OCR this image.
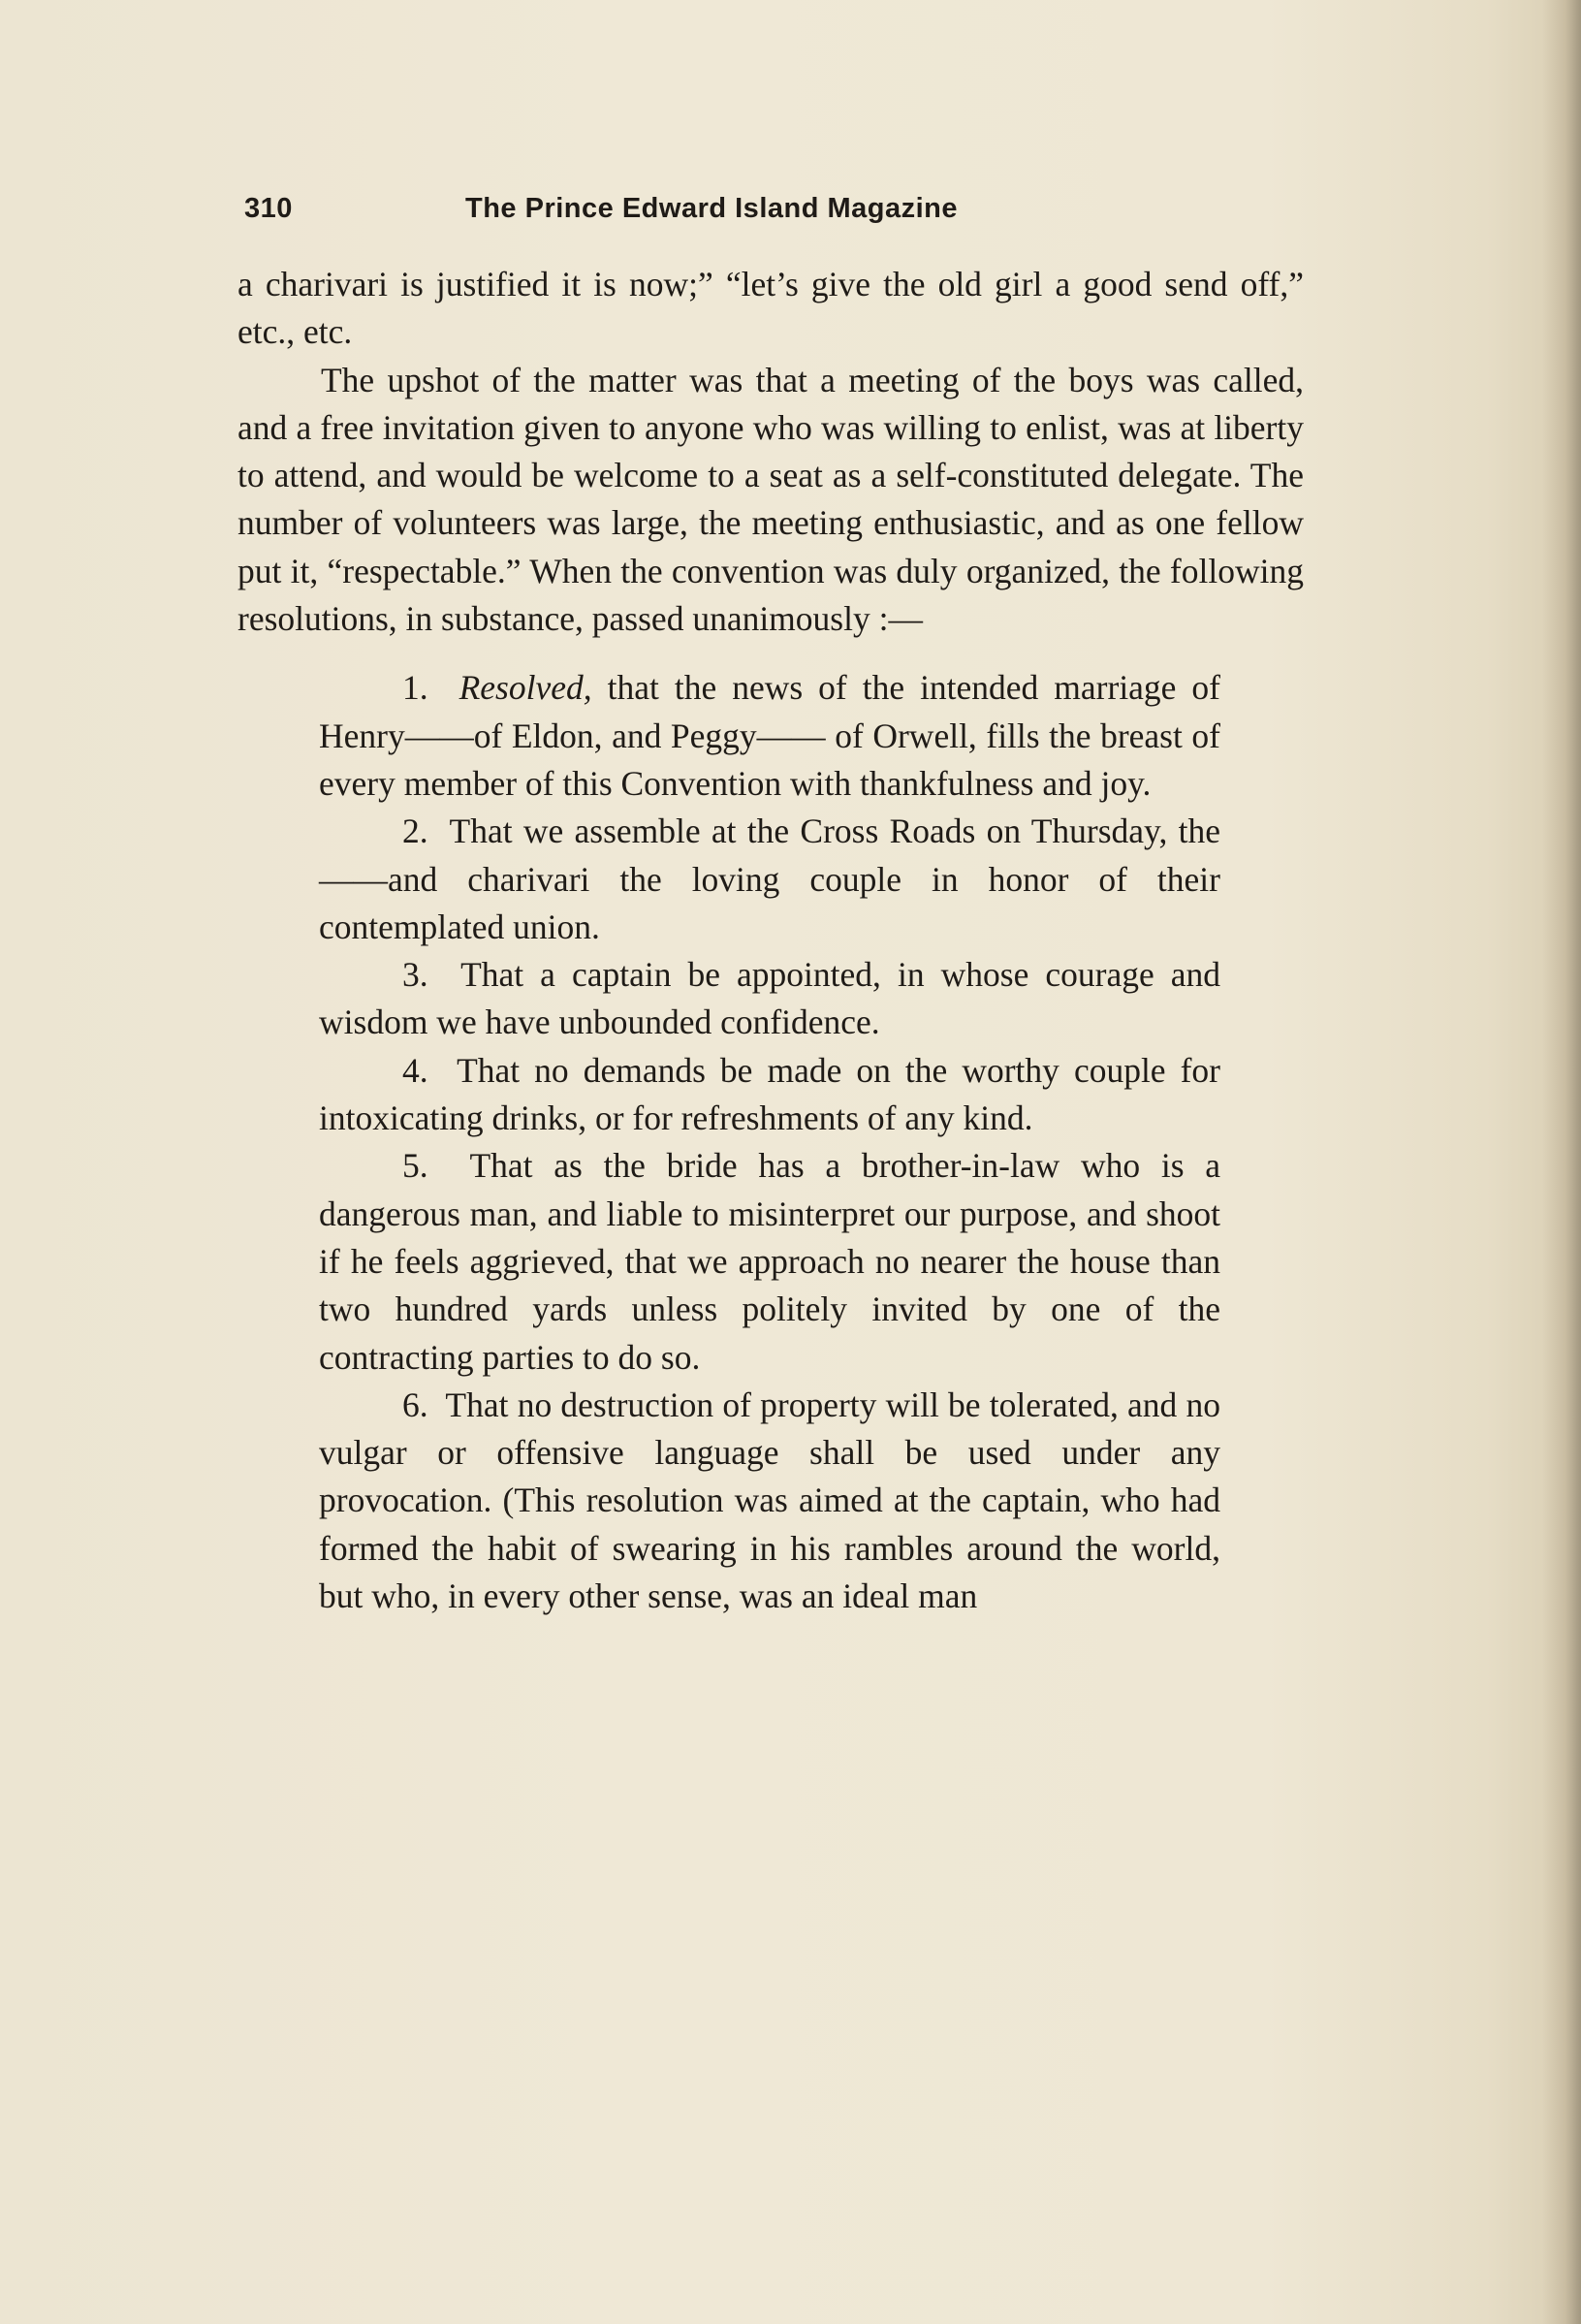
310	The Prince Edward Island Magazine

a charivari is justified it is now;” “let’s give the old girl a good send off,” etc., etc.

The upshot of the matter was that a meeting of the boys was called, and a free invitation given to anyone who was willing to enlist, was at liberty to attend, and would be welcome to a seat as a self-constituted delegate. The number of volunteers was large, the meeting enthusiastic, and as one fellow put it, “respectable.” When the convention was duly organized, the following resolutions, in substance, passed unanimously :—

1. Resolved, that the news of the intended marriage of Henry——of Eldon, and Peggy—— of Orwell, fills the breast of every member of this Convention with thankfulness and joy.

2. That we assemble at the Cross Roads on Thursday, the——and charivari the loving couple in honor of their contemplated union.

3. That a captain be appointed, in whose courage and wisdom we have unbounded confidence.

4. That no demands be made on the worthy couple for intoxicating drinks, or for refreshments of any kind.

5. That as the bride has a brother-in-law who is a dangerous man, and liable to misinterpret our purpose, and shoot if he feels aggrieved, that we approach no nearer the house than two hundred yards unless politely invited by one of the contracting parties to do so.

6. That no destruction of property will be tolerated, and no vulgar or offensive language shall be used under any provocation. (This resolution was aimed at the captain, who had formed the habit of swearing in his rambles around the world, but who, in every other sense, was an ideal man
